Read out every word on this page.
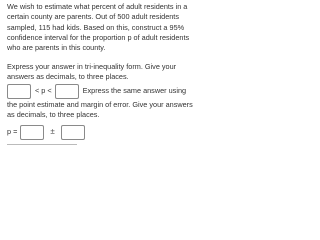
We wish to estimate what percent of adult residents in a certain county are parents. Out of 500 adult residents sampled, 115 had kids. Based on this, construct a 95% confidence interval for the proportion p of adult residents who are parents in this county.

Express your answer in tri-inequality form. Give your answers as decimals, to three places.

< p <	Express the same answer using

the point estimate and margin of error. Give your answers as decimals, to three places.

p =	±
